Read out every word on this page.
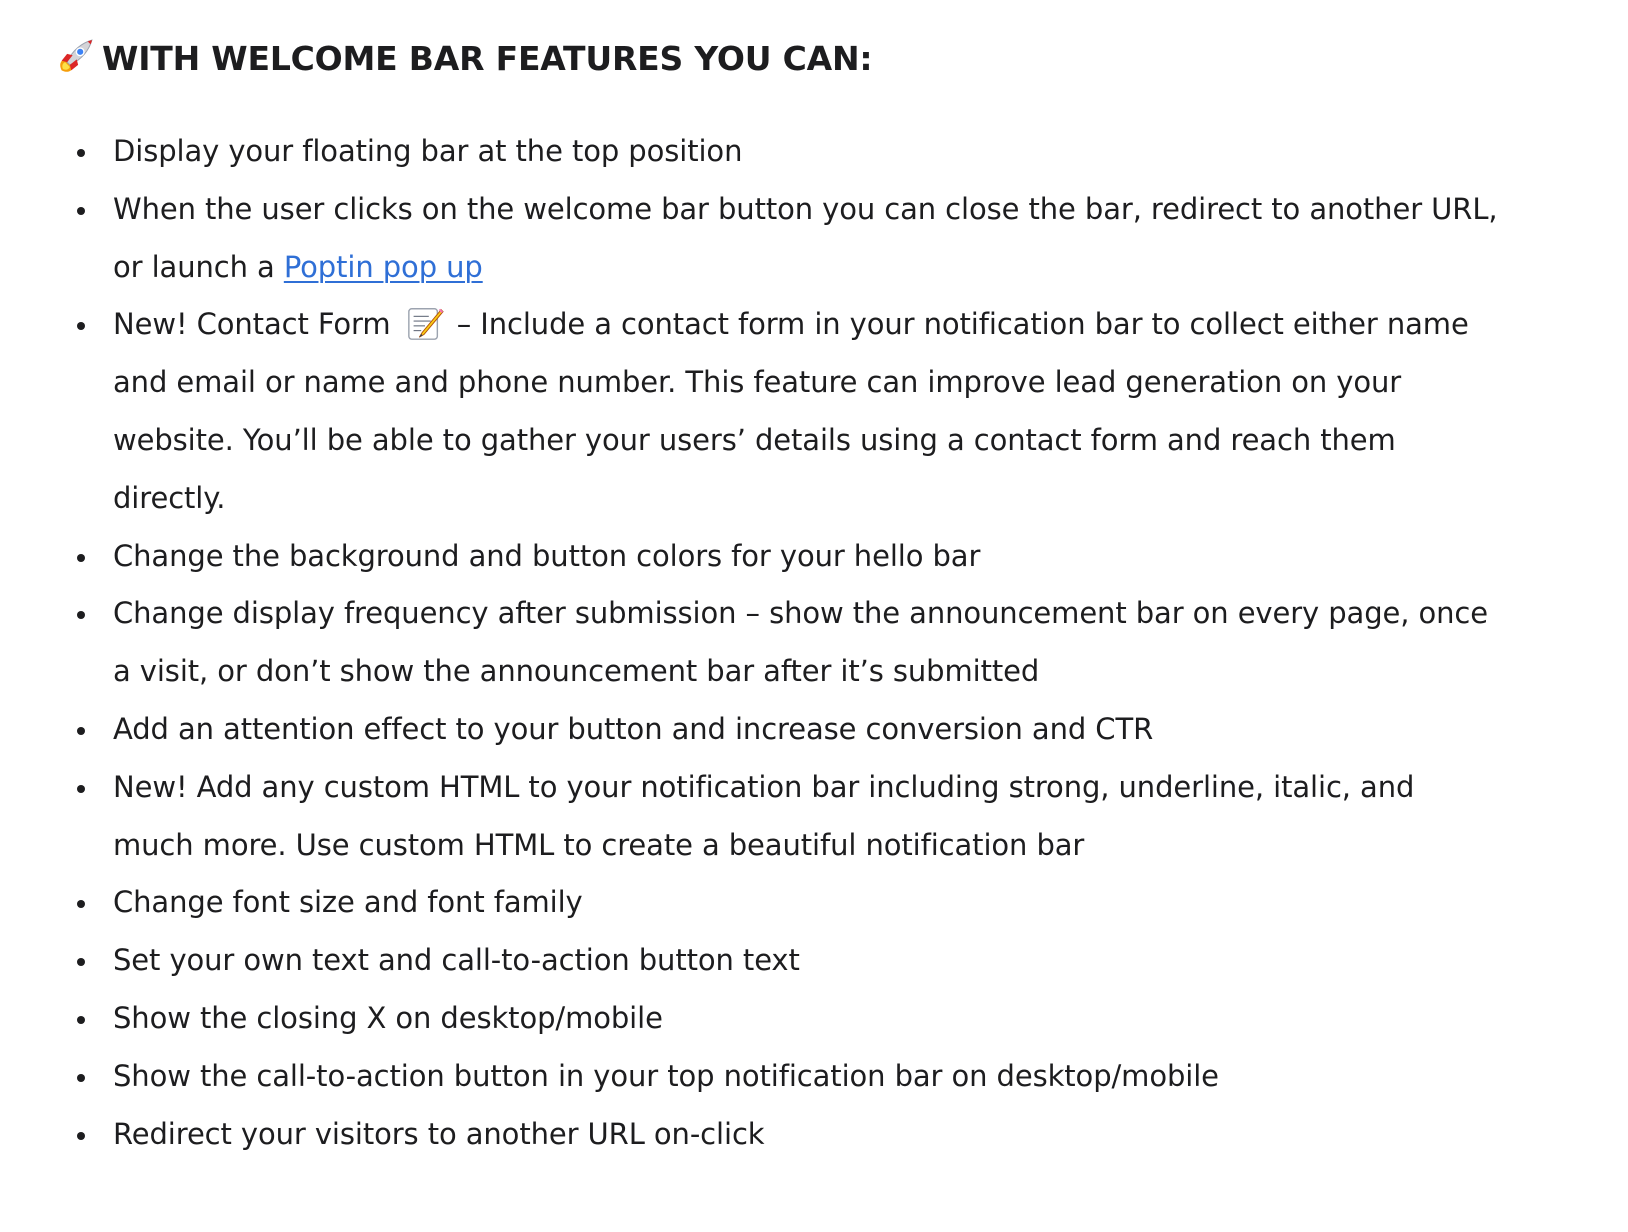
WITH WELCOME BAR FEATURES YOU CAN:
Display your floating bar at the top position
When the user clicks on the welcome bar button you can close the bar, redirect to another URL, or launch a Poptin pop up
New! Contact Form – Include a contact form in your notification bar to collect either name and email or name and phone number. This feature can improve lead generation on your website. You’ll be able to gather your users’ details using a contact form and reach them directly.
Change the background and button colors for your hello bar
Change display frequency after submission – show the announcement bar on every page, once a visit, or don’t show the announcement bar after it’s submitted
Add an attention effect to your button and increase conversion and CTR
New! Add any custom HTML to your notification bar including strong, underline, italic, and much more. Use custom HTML to create a beautiful notification bar
Change font size and font family
Set your own text and call-to-action button text
Show the closing X on desktop/mobile
Show the call-to-action button in your top notification bar on desktop/mobile
Redirect your visitors to another URL on-click
